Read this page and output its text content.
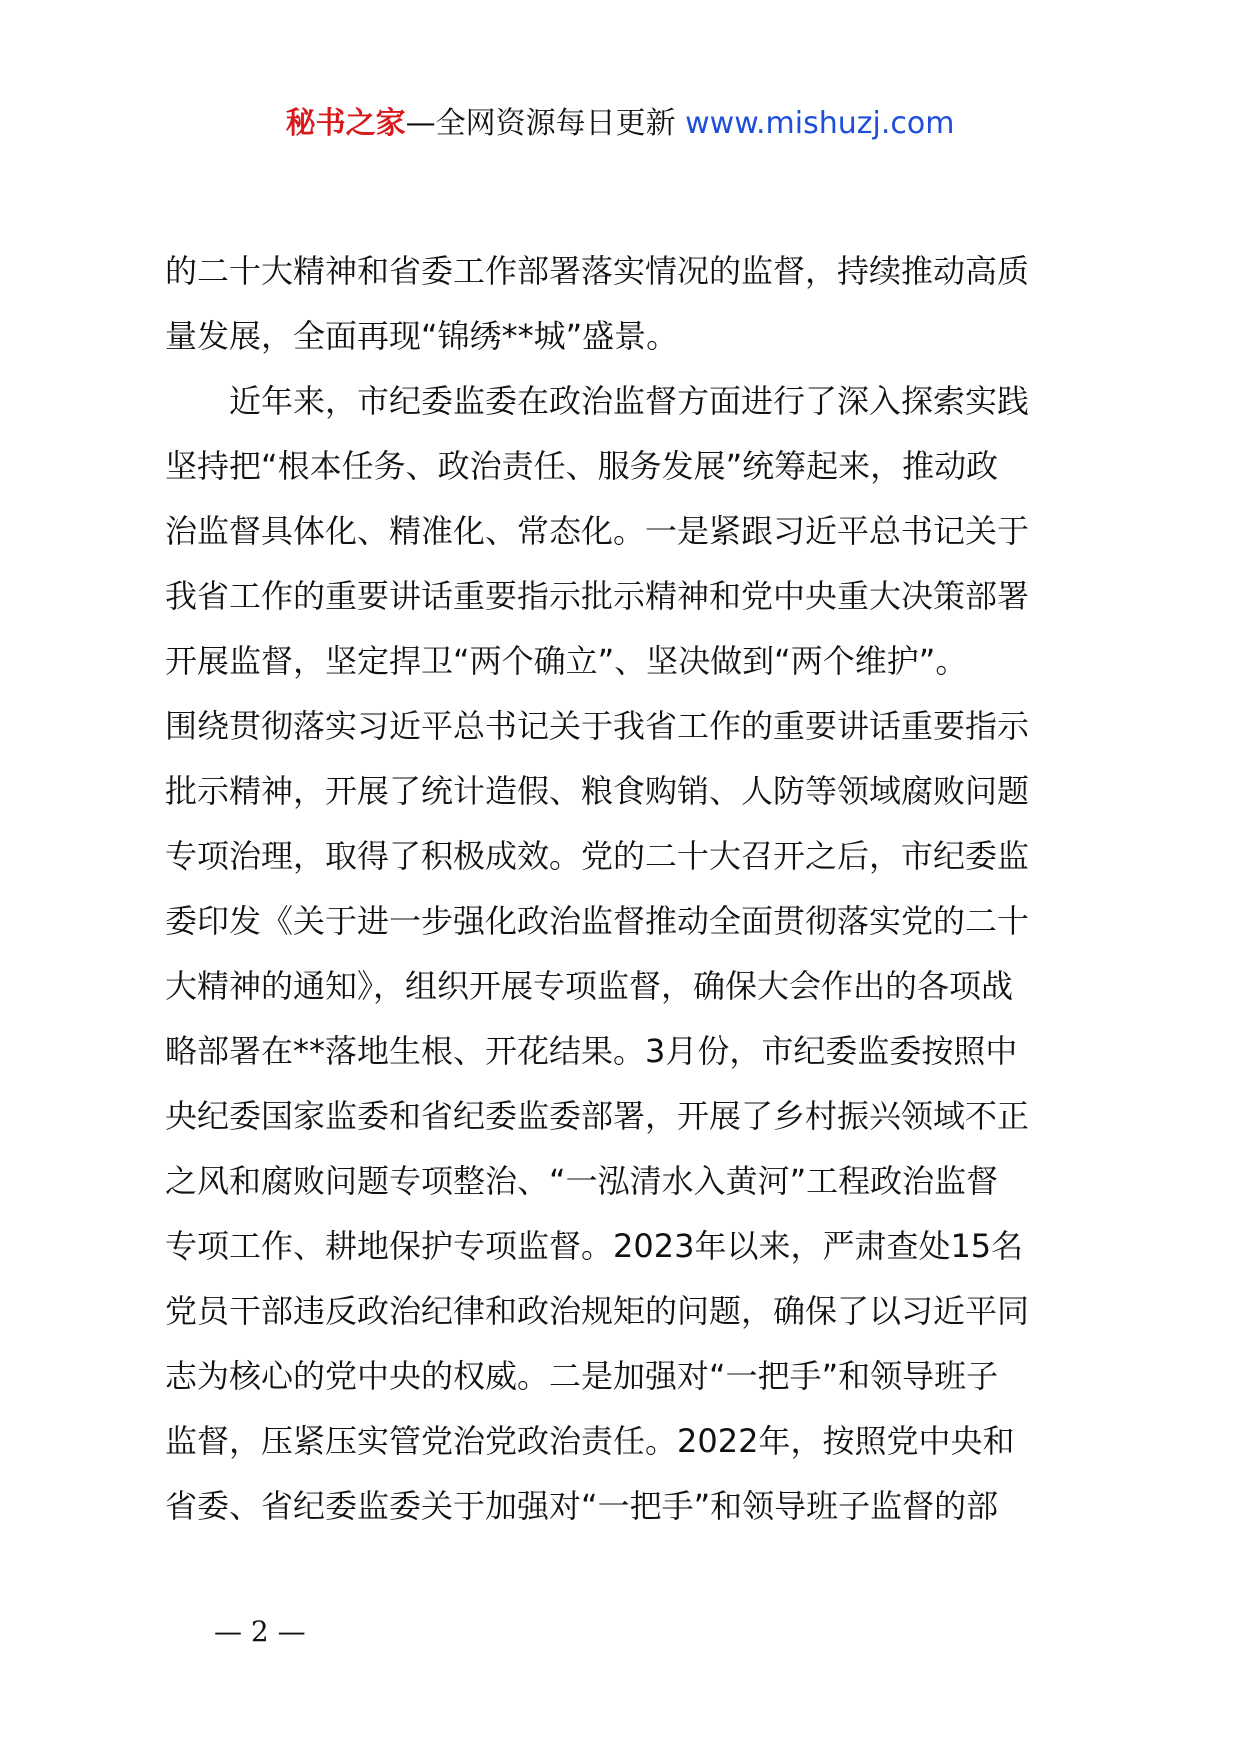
秘书之家—全网资源每日更新 www.mishuzj.com
的二十大精神和省委工作部署落实情况的监督，持续推动高质
量发展，全面再现“锦绣**城”盛景。
近年来，市纪委监委在政治监督方面进行了深入探索实践
坚持把“根本任务、政治责任、服务发展”统筹起来，推动政
治监督具体化、精准化、常态化。一是紧跟习近平总书记关于
我省工作的重要讲话重要指示批示精神和党中央重大决策部署
开展监督，坚定捍卫“两个确立”、坚决做到“两个维护”。
围绕贯彻落实习近平总书记关于我省工作的重要讲话重要指示
批示精神，开展了统计造假、粮食购销、人防等领域腐败问题
专项治理，取得了积极成效。党的二十大召开之后，市纪委监
委印发《关于进一步强化政治监督推动全面贯彻落实党的二十
大精神的通知》，组织开展专项监督，确保大会作出的各项战
略部署在**落地生根、开花结果。3月份，市纪委监委按照中
央纪委国家监委和省纪委监委部署，开展了乡村振兴领域不正
之风和腐败问题专项整治、“一泓清水入黄河”工程政治监督
专项工作、耕地保护专项监督。2023年以来，严肃查处15名
党员干部违反政治纪律和政治规矩的问题，确保了以习近平同
志为核心的党中央的权威。二是加强对“一把手”和领导班子
监督，压紧压实管党治党政治责任。2022年，按照党中央和
省委、省纪委监委关于加强对“一把手”和领导班子监督的部
— 2 —
